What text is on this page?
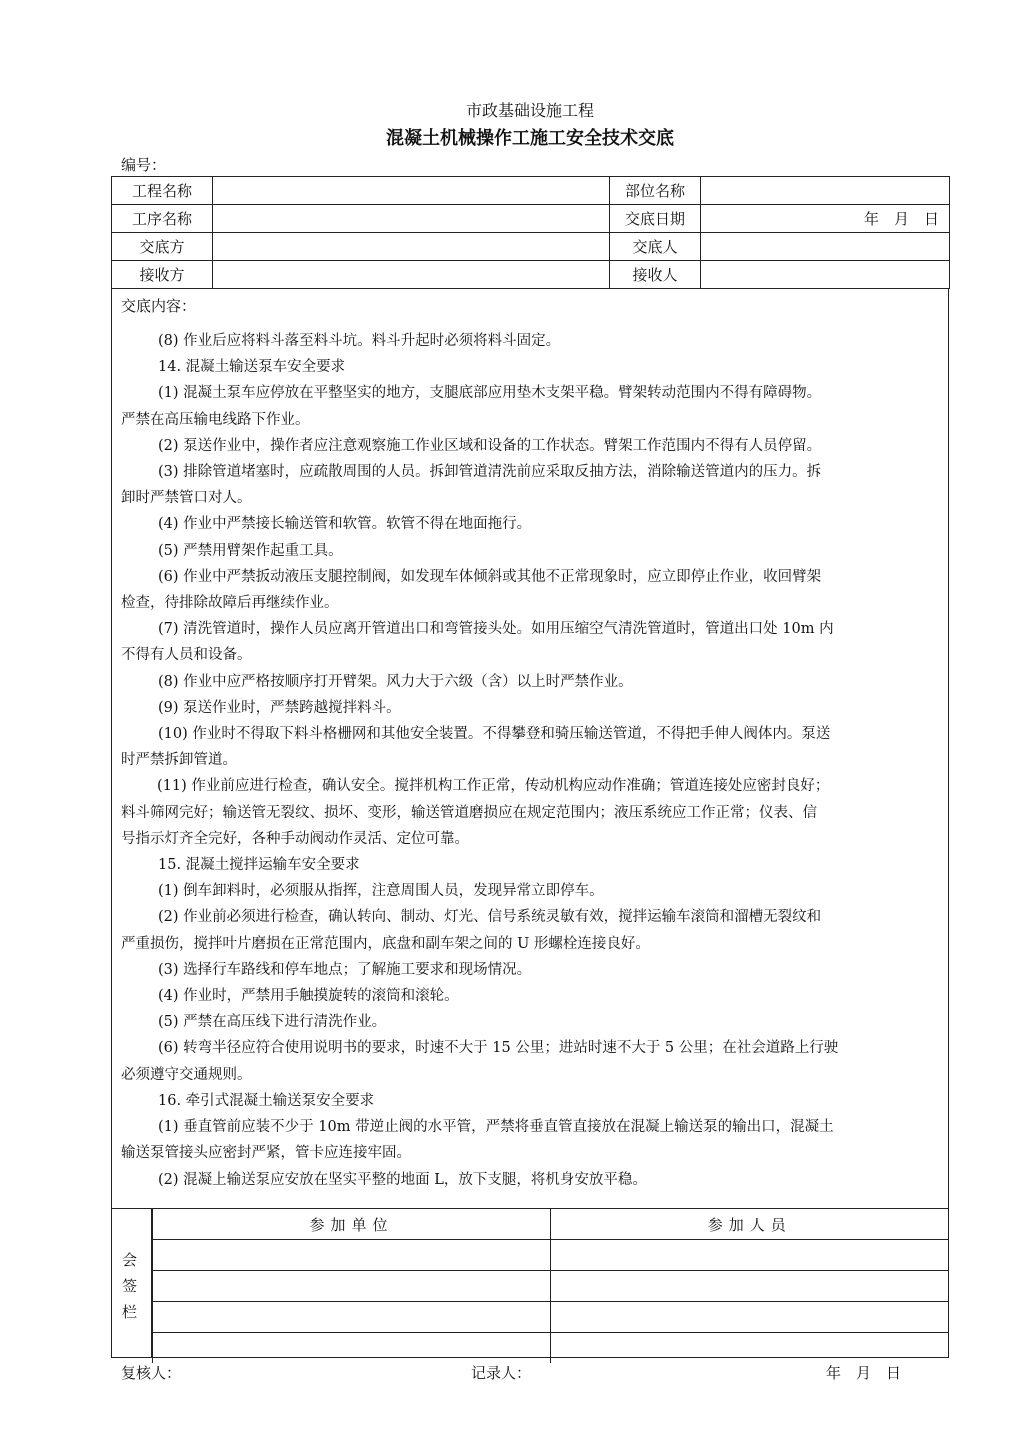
市政基础设施工程
混凝土机械操作工施工安全技术交底
编号：
工程名称		部位名称	
工序名称		交底日期	年　月　日
交底方		交底人	
接收方		接收人	
交底内容：
(8) 作业后应将料斗落至料斗坑。料斗升起时必须将料斗固定。
14. 混凝土输送泵车安全要求
(1) 混凝土泵车应停放在平整坚实的地方，支腿底部应用垫木支架平稳。臂架转动范围内不得有障碍物。
严禁在高压输电线路下作业。
(2) 泵送作业中，操作者应注意观察施工作业区域和设备的工作状态。臂架工作范围内不得有人员停留。
(3) 排除管道堵塞时，应疏散周围的人员。拆卸管道清洗前应采取反抽方法，消除输送管道内的压力。拆
卸时严禁管口对人。
(4) 作业中严禁接长输送管和软管。软管不得在地面拖行。
(5) 严禁用臂架作起重工具。
(6) 作业中严禁扳动液压支腿控制阀，如发现车体倾斜或其他不正常现象时，应立即停止作业，收回臂架
检查，待排除故障后再继续作业。
(7) 清洗管道时，操作人员应离开管道出口和弯管接头处。如用压缩空气清洗管道时，管道出口处 10m 内
不得有人员和设备。
(8) 作业中应严格按顺序打开臂架。风力大于六级（含）以上时严禁作业。
(9) 泵送作业时，严禁跨越搅拌料斗。
(10) 作业时不得取下料斗格栅网和其他安全装置。不得攀登和骑压输送管道，不得把手伸人阀体内。泵送
时严禁拆卸管道。
(11) 作业前应进行检查，确认安全。搅拌机构工作正常，传动机构应动作准确；管道连接处应密封良好；
料斗筛网完好；输送管无裂纹、损坏、变形，输送管道磨损应在规定范围内；液压系统应工作正常；仪表、信
号指示灯齐全完好，各种手动阀动作灵活、定位可靠。
15. 混凝土搅拌运输车安全要求
(1) 倒车卸料时，必须服从指挥，注意周围人员，发现异常立即停车。
(2) 作业前必须进行检查，确认转向、制动、灯光、信号系统灵敏有效，搅拌运输车滚筒和溜槽无裂纹和
严重损伤，搅拌叶片磨损在正常范围内，底盘和副车架之间的 U 形螺栓连接良好。
(3) 选择行车路线和停车地点；了解施工要求和现场情况。
(4) 作业时，严禁用手触摸旋转的滚筒和滚轮。
(5) 严禁在高压线下进行清洗作业。
(6) 转弯半径应符合使用说明书的要求，时速不大于 15 公里；进站时速不大于 5 公里；在社会道路上行驶
必须遵守交通规则。
16. 牵引式混凝土输送泵安全要求
(1) 垂直管前应装不少于 10m 带逆止阀的水平管，严禁将垂直管直接放在混凝上输送泵的输出口，混凝土
输送泵管接头应密封严紧，管卡应连接牢固。
(2) 混凝上输送泵应安放在坚实平整的地面 L，放下支腿，将机身安放平稳。
会
签
栏
参加单位	参加人员

复核人：	记录人：	年　月　日
